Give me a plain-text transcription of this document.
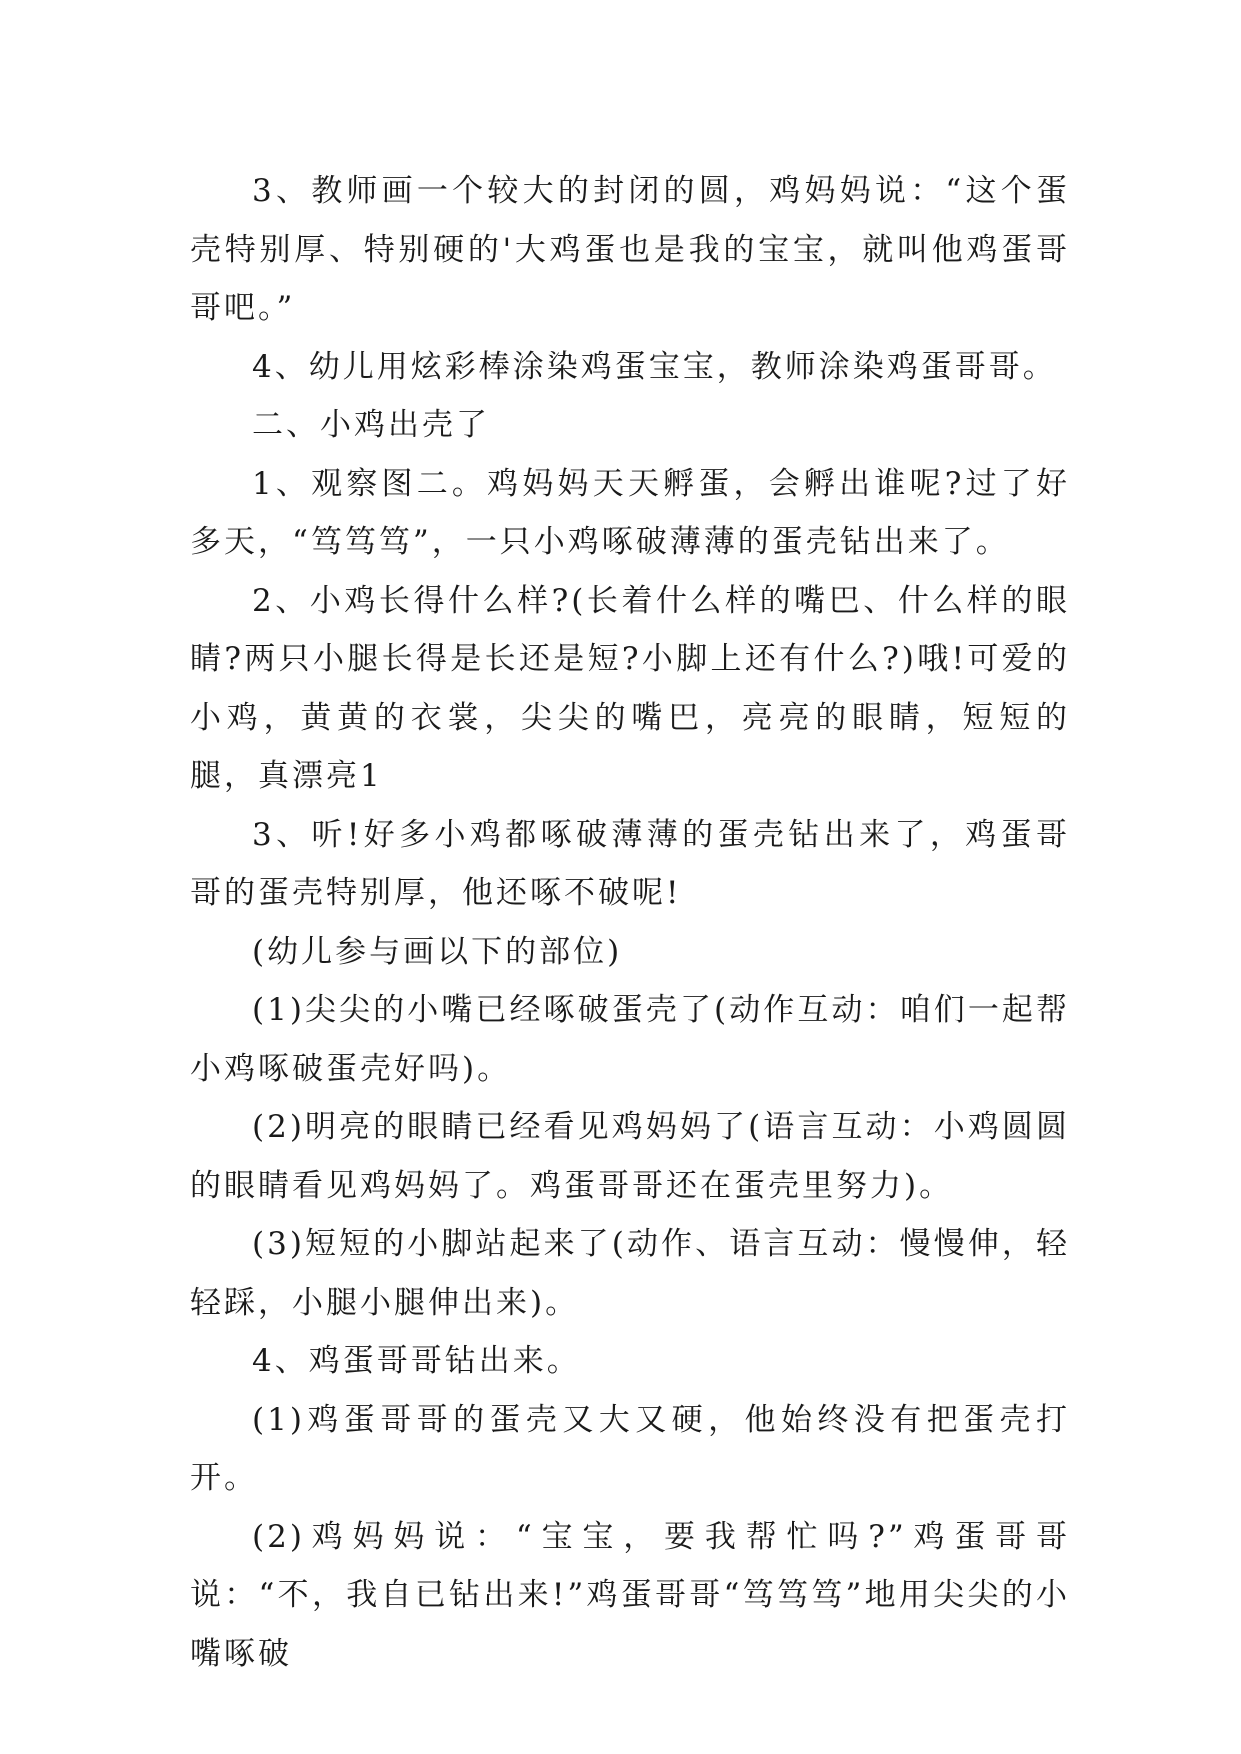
3、教师画一个较大的封闭的圆，鸡妈妈说：“这个蛋壳特别厚、特别硬的'大鸡蛋也是我的宝宝，就叫他鸡蛋哥哥吧。”

4、幼儿用炫彩棒涂染鸡蛋宝宝，教师涂染鸡蛋哥哥。

二、小鸡出壳了

1、观察图二。鸡妈妈天天孵蛋，会孵出谁呢?过了好多天，“笃笃笃”，一只小鸡啄破薄薄的蛋壳钻出来了。

2、小鸡长得什么样?(长着什么样的嘴巴、什么样的眼睛?两只小腿长得是长还是短?小脚上还有什么?)哦!可爱的小鸡，黄黄的衣裳，尖尖的嘴巴，亮亮的眼睛，短短的腿，真漂亮1

3、听!好多小鸡都啄破薄薄的蛋壳钻出来了，鸡蛋哥哥的蛋壳特别厚，他还啄不破呢!

(幼儿参与画以下的部位)

(1)尖尖的小嘴已经啄破蛋壳了(动作互动：咱们一起帮小鸡啄破蛋壳好吗)。

(2)明亮的眼睛已经看见鸡妈妈了(语言互动：小鸡圆圆的眼睛看见鸡妈妈了。鸡蛋哥哥还在蛋壳里努力)。

(3)短短的小脚站起来了(动作、语言互动：慢慢伸，轻轻踩，小腿小腿伸出来)。

4、鸡蛋哥哥钻出来。

(1)鸡蛋哥哥的蛋壳又大又硬，他始终没有把蛋壳打开。

(2)鸡妈妈说：“宝宝，要我帮忙吗?”鸡蛋哥哥说：“不，我自已钻出来!”鸡蛋哥哥“笃笃笃”地用尖尖的小嘴啄破
